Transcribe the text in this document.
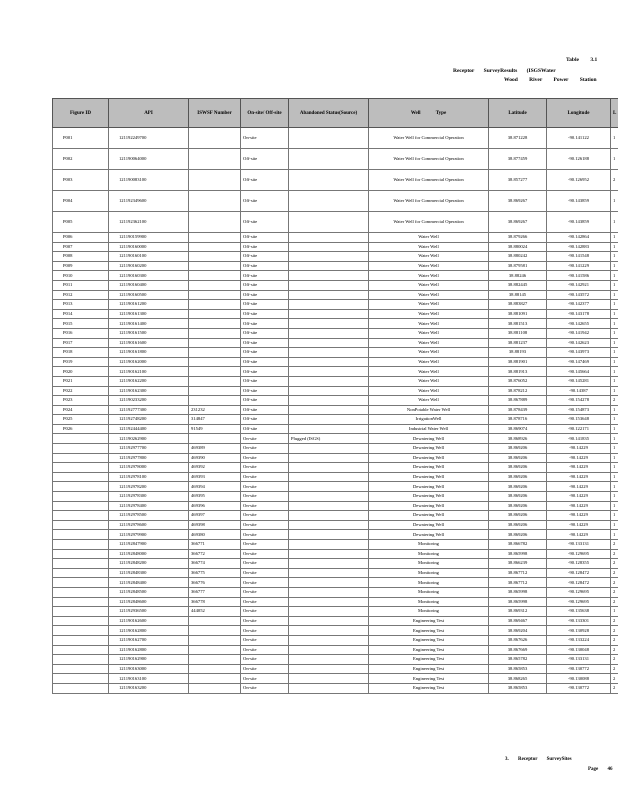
Table 3.1
Receptor SurveyResults (ISGSWater
Wood River Power Station
Figure ID	API	ISWSF Number	On-site/ Off-site	Abandoned Status(Source)	Well Type	Latitude	Longitude	L
P001	121192249700		On-site		Water Well for Commercial Operation	38.871228	-90.141122	1
P002	121190064000		Off-site		Water Well for Commercial Operation	38.877459	-90.126188	1
P003	121190083100		Off-site		Water Well for Commercial Operation	38.857277	-90.126952	2
P004	121192349600		Off-site		Water Well for Commercial Operation	38.869267	-90.143859	1
P005	121192362100		Off-site		Water Well for Commercial Operation	38.869267	-90.143859	1
P006	121190159900		Off-site		Water Well	38.879266	-90.142864	1
P007	121190160000		Off-site		Water Well	38.880024	-90.142883	1
P008	121190160100		Off-site		Water Well	38.880242	-90.141548	1
P009	121190160200		Off-site		Water Well	38.879581	-90.141229	1
P010	121190160300		Off-site		Water Well	38.88246	-90.141586	1
P011	121190160400		Off-site		Water Well	38.882445	-90.142921	1
P012	121190160500		Off-site		Water Well	38.88145	-90.143572	1
P013	121190161200		Off-site		Water Well	38.883827	-90.142377	1
P014	121190161300		Off-site		Water Well	38.881091	-90.143178	1
P015	121190161400		Off-site		Water Well	38.881513	-90.142655	1
P016	121190161500		Off-site		Water Well	38.881108	-90.141942	1
P017	121190161600		Off-site		Water Well	38.881237	-90.142623	1
P018	121190161800		Off-site		Water Well	38.88193	-90.143973	1
P019	121190162000		Off-site		Water Well	38.881901	-90.147469	1
P020	121190162100		Off-site		Water Well	38.881913	-90.145664	1
P021	121190162200		Off-site		Water Well	38.876052	-90.145281	1
P022	121190162300		Off-site		Water Well	38.878212	-90.14387	1
P023	121190233200		Off-site		Water Well	38.867889	-90.154278	2
P024	121192777300	231232	Off-site		NonPotable Water Well	38.878439	-90.154873	1
P025	121192748200	314847	Off-site		IrrigationWell	38.878716	-90.153648	1
P026	121192444400	91549	Off-site		Industrial Water Well	38.869074	-90.122171	1
	121190262900		On-site	Plugged (ISGS)	Dewatering Well	38.868926	-90.141835	1
	121192977700	469389	On-site		Dewatering Well	38.869206	-90.14229	1
	121192977800	469390	On-site		Dewatering Well	38.869206	-90.14229	1
	121192978000	469392	On-site		Dewatering Well	38.869206	-90.14229	1
	121192978100	469393	On-site		Dewatering Well	38.869206	-90.14229	1
	121192978200	469394	On-site		Dewatering Well	38.869206	-90.14229	1
	121192978300	469395	On-site		Dewatering Well	38.869206	-90.14229	1
	121192978400	469396	On-site		Dewatering Well	38.869206	-90.14229	1
	121192978500	469397	On-site		Dewatering Well	38.869206	-90.14229	1
	121192978600	469398	On-site		Dewatering Well	38.869206	-90.14229	1
	121192979900	469380	On-site		Dewatering Well	38.869206	-90.14229	1
	121192847900	366771	On-site		Monitoring	38.866782	-90.133131	2
	121192848000	366772	On-site		Monitoring	38.865998	-90.129695	2
	121192848200	366774	On-site		Monitoring	38.866239	-90.128355	2
	121192848300	366775	On-site		Monitoring	38.867712	-90.128472	2
	121192848400	366776	On-site		Monitoring	38.867712	-90.128472	2
	121192848500	366777	On-site		Monitoring	38.865998	-90.129695	2
	121192848600	366778	On-site		Monitoring	38.865998	-90.129695	2
	121192936500	444052	On-site		Monitoring	38.869312	-90.135638	1
	121190162600		On-site		Engineering Test	38.869467	-90.133301	2
	121190162800		On-site		Engineering Test	38.869204	-90.130928	2
	121190162700		On-site		Engineering Test	38.867626	-90.133224	2
	121190162800		On-site		Engineering Test	38.867669	-90.130048	2
	121190162900		On-site		Engineering Test	38.865782	-90.133131	2
	121190163000		On-site		Engineering Test	38.865853	-90.130772	2
	121190163100		On-site		Engineering Test	38.868265	-90.130088	2
	121190163200		On-site		Engineering Test	38.865853	-90.130772	2
3. Receptor SurveySites
Page 46
